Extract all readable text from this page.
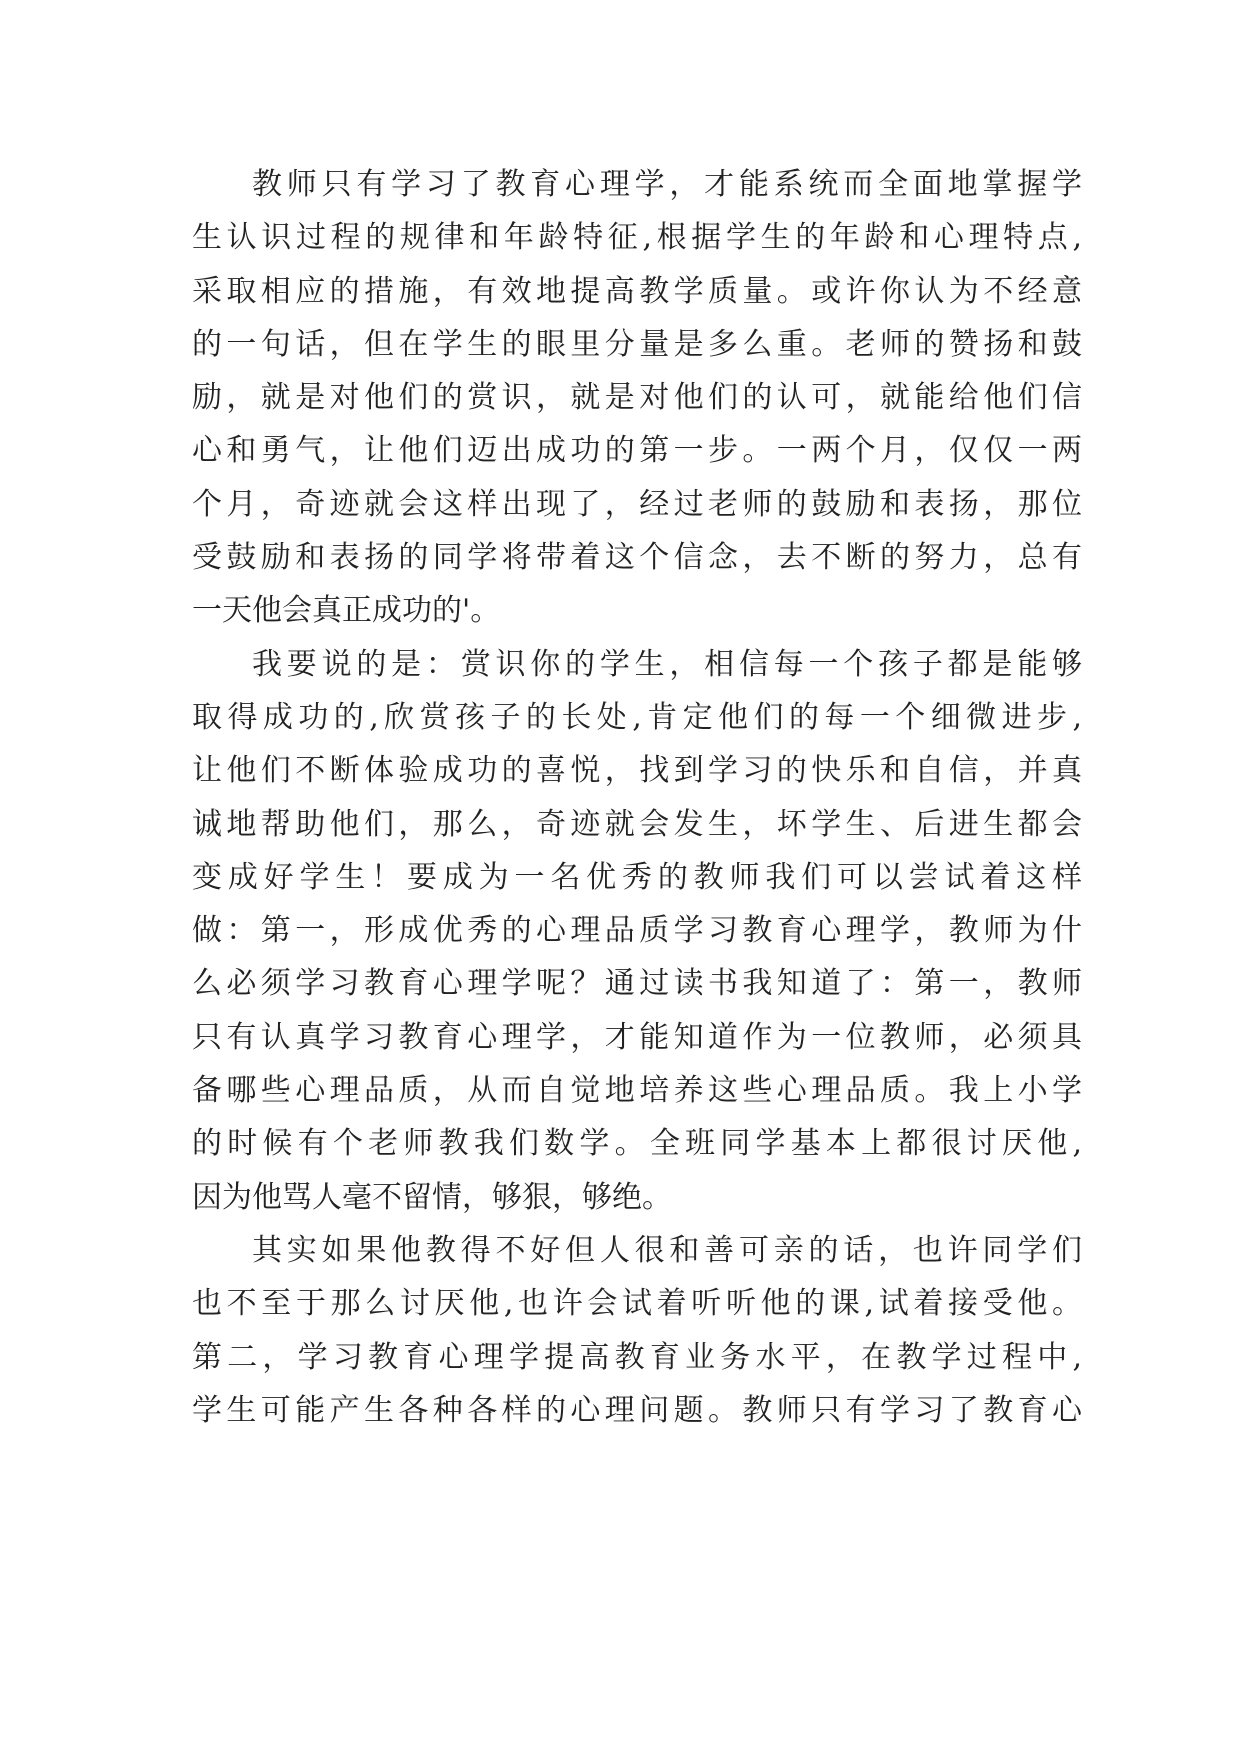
教师只有学习了教育心理学，才能系统而全面地掌握学
生认识过程的规律和年龄特征,根据学生的年龄和心理特点,
采取相应的措施，有效地提高教学质量。或许你认为不经意
的一句话，但在学生的眼里分量是多么重。老师的赞扬和鼓
励，就是对他们的赏识，就是对他们的认可，就能给他们信
心和勇气，让他们迈出成功的第一步。一两个月，仅仅一两
个月，奇迹就会这样出现了，经过老师的鼓励和表扬，那位
受鼓励和表扬的同学将带着这个信念，去不断的努力，总有
一天他会真正成功的'。
我要说的是：赏识你的学生，相信每一个孩子都是能够
取得成功的,欣赏孩子的长处,肯定他们的每一个细微进步,
让他们不断体验成功的喜悦，找到学习的快乐和自信，并真
诚地帮助他们，那么，奇迹就会发生，坏学生、后进生都会
变成好学生！要成为一名优秀的教师我们可以尝试着这样
做：第一，形成优秀的心理品质学习教育心理学，教师为什
么必须学习教育心理学呢？通过读书我知道了：第一，教师
只有认真学习教育心理学，才能知道作为一位教师，必须具
备哪些心理品质，从而自觉地培养这些心理品质。我上小学
的时候有个老师教我们数学。全班同学基本上都很讨厌他,
因为他骂人毫不留情，够狠，够绝。
其实如果他教得不好但人很和善可亲的话，也许同学们
也不至于那么讨厌他,也许会试着听听他的课,试着接受他。
第二，学习教育心理学提高教育业务水平，在教学过程中,
学生可能产生各种各样的心理问题。教师只有学习了教育心
